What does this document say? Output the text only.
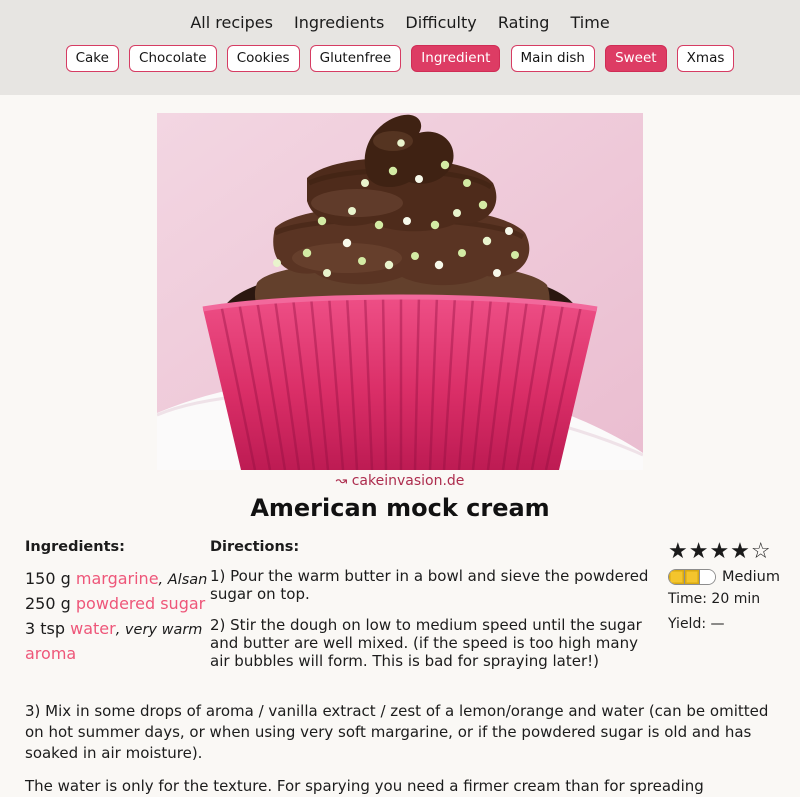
All recipes Ingredients Difficulty Rating Time
Cake Chocolate Cookies Glutenfree Ingredient Main dish Sweet Xmas
↝ cakeinvasion.de
American mock cream
Ingredients:
150 g margarine, Alsan
250 g powdered sugar
3 tsp water, very warm
aroma
Directions:

1) Pour the warm butter in a bowl and sieve the powdered sugar on top.

2) Stir the dough on low to medium speed until the sugar and butter are well mixed. (if the speed is too high many air bubbles will form. This is bad for spraying later!)

★★★★☆
Medium
Time: 20 min
Yield: —

3) Mix in some drops of aroma / vanilla extract / zest of a lemon/orange and water (can be omitted on hot summer days, or when using very soft margarine, or if the powdered sugar is old and has soaked in air moisture).

The water is only for the texture. For sparying you need a firmer cream than for spreading
